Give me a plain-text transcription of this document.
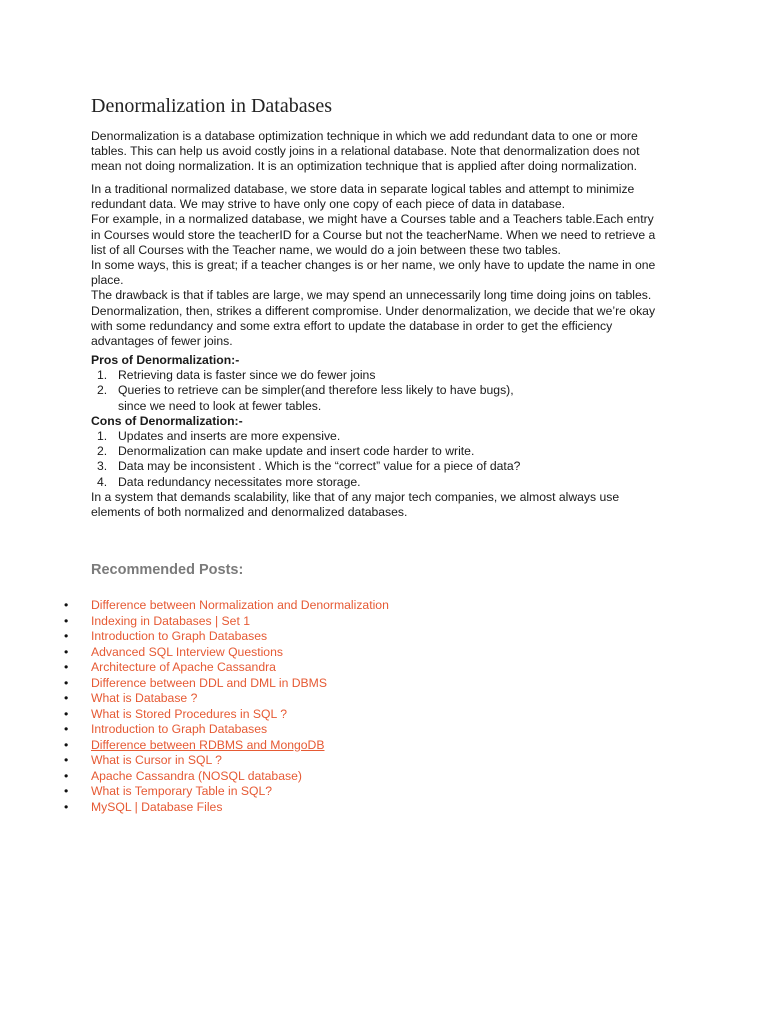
Denormalization in Databases

Denormalization is a database optimization technique in which we add redundant data to one or more

tables. This can help us avoid costly joins in a relational database. Note that denormalization does not

mean not doing normalization. It is an optimization technique that is applied after doing normalization.

In a traditional normalized database, we store data in separate logical tables and attempt to minimize

redundant data. We may strive to have only one copy of each piece of data in database.

For example, in a normalized database, we might have a Courses table and a Teachers table.Each entry

in Courses would store the teacherID for a Course but not the teacherName. When we need to retrieve a

list of all Courses with the Teacher name, we would do a join between these two tables.

In some ways, this is great; if a teacher changes is or her name, we only have to update the name in one

place.

The drawback is that if tables are large, we may spend an unnecessarily long time doing joins on tables.

Denormalization, then, strikes a different compromise. Under denormalization, we decide that we’re okay

with some redundancy and some extra effort to update the database in order to get the efficiency

advantages of fewer joins.

Pros of Denormalization:-

1. Retrieving data is faster since we do fewer joins
2. Queries to retrieve can be simpler(and therefore less likely to have bugs),
since we need to look at fewer tables.

Cons of Denormalization:-

1. Updates and inserts are more expensive.
2. Denormalization can make update and insert code harder to write.
3. Data may be inconsistent . Which is the “correct” value for a piece of data?
4. Data redundancy necessitates more storage.

In a system that demands scalability, like that of any major tech companies, we almost always use

elements of both normalized and denormalized databases.

Recommended Posts:
• Difference between Normalization and Denormalization
• Indexing in Databases | Set 1
• Introduction to Graph Databases
• Advanced SQL Interview Questions
• Architecture of Apache Cassandra
• Difference between DDL and DML in DBMS
• What is Database ?
• What is Stored Procedures in SQL ?
• Introduction to Graph Databases
• Difference between RDBMS and MongoDB
• What is Cursor in SQL ?
• Apache Cassandra (NOSQL database)
• What is Temporary Table in SQL?
• MySQL | Database Files
